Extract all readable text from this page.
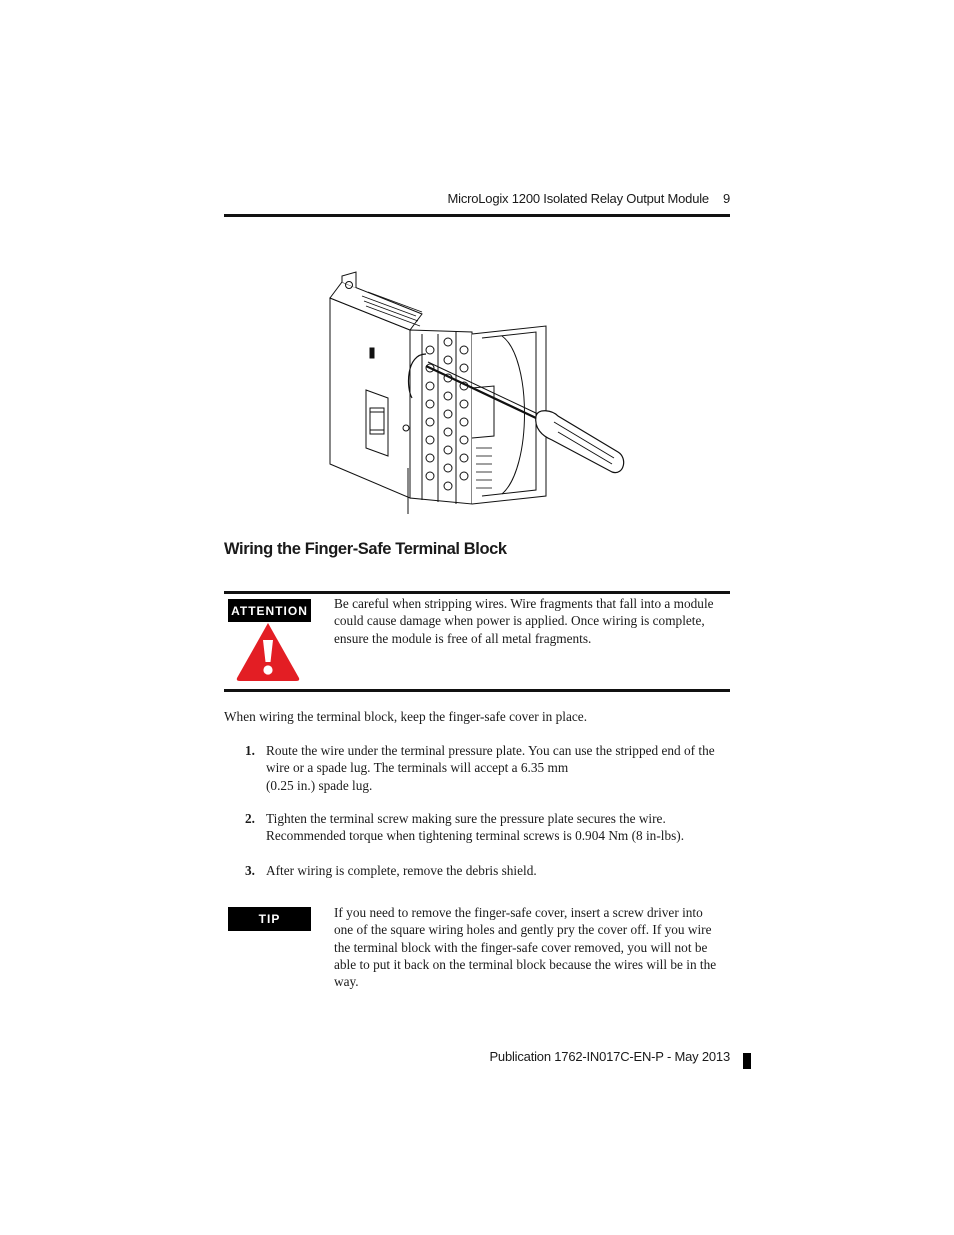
MicroLogix 1200 Isolated Relay Output Module 9
Wiring the Finger-Safe Terminal Block
ATTENTION Be careful when stripping wires. Wire fragments that fall into a module
could cause damage when power is applied. Once wiring is complete,
ensure the module is free of all metal fragments.
When wiring the terminal block, keep the finger-safe cover in place.
1. Route the wire under the terminal pressure plate. You can use the stripped end of the
wire or a spade lug. The terminals will accept a 6.35 mm
(0.25 in.) spade lug.
2. Tighten the terminal screw making sure the pressure plate secures the wire.
Recommended torque when tightening terminal screws is 0.904 Nm (8 in-lbs).
3. After wiring is complete, remove the debris shield.
TIP	If you need to remove the finger-safe cover, insert a screw driver into
one of the square wiring holes and gently pry the cover off. If you wire
the terminal block with the finger-safe cover removed, you will not be
able to put it back on the terminal block because the wires will be in the
way.
Publication 1762-IN017C-EN-P - May 2013
